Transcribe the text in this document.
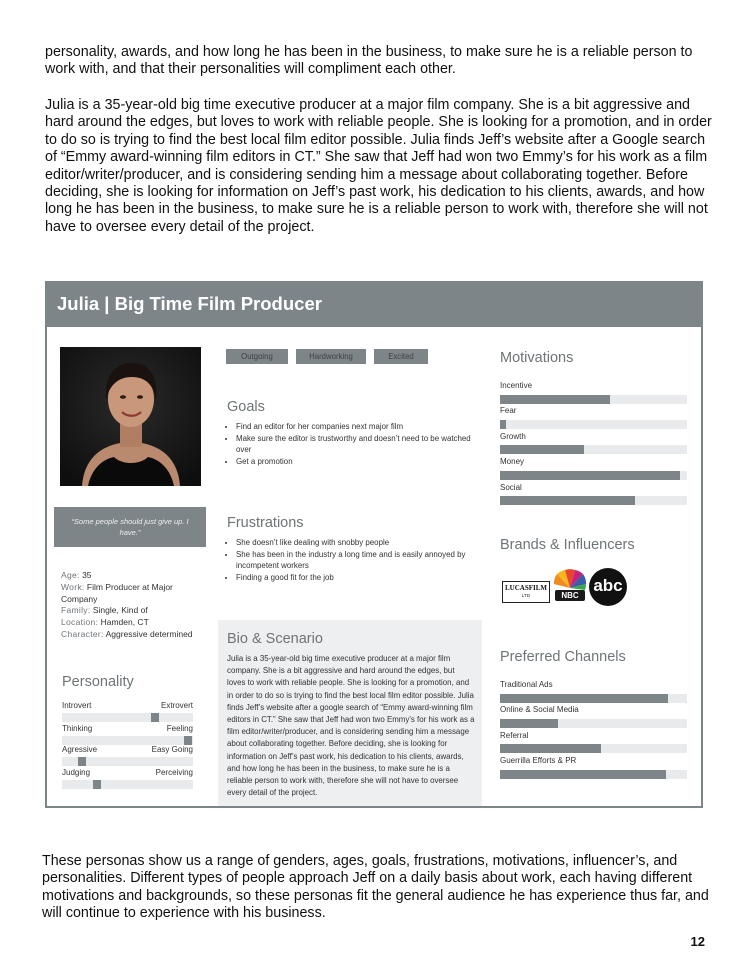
personality, awards, and how long he has been in the business, to make sure he is a reliable person to work with, and that their personalities will compliment each other.

Julia is a 35-year-old big time executive producer at a major film company. She is a bit aggressive and hard around the edges, but loves to work with reliable people. She is looking for a promotion, and in order to do so is trying to find the best local film editor possible. Julia finds Jeff’s website after a Google search of “Emmy award-winning film editors in CT.” She saw that Jeff had won two Emmy’s for his work as a film editor/writer/producer, and is considering sending him a message about collaborating together. Before deciding, she is looking for information on Jeff’s past work, his dedication to his clients, awards, and how long he has been in the business, to make sure he is a reliable person to work with, therefore she will not have to oversee every detail of the project.

Julia | Big Time Film Producer
“Some people should just give up. I have.”
Age: 35
Work: Film Producer at Major Company
Family: Single, Kind of
Location: Hamden, CT
Character: Aggressive determined
Personality
Introvert	Extrovert
Thinking	Feeling
Agressive	Easy Going
Judging	Perceiving
Outgoing	Hardworking	Excited
Goals
• Find an editor for her companies next major film
• Make sure the editor is trustworthy and doesn’t need to be watched over
• Get a promotion
Frustrations
• She doesn’t like dealing with snobby people
• She has been in the industry a long time and is easily annoyed by incompetent workers
• Finding a good fit for the job
Bio & Scenario

Julia is a 35-year-old big time executive producer at a major film company. She is a bit aggressive and hard around the edges, but loves to work with reliable people. She is looking for a promotion, and in order to do so is trying to find the best local film editor possible. Julia finds Jeff’s website after a google search of “Emmy award-winning film editors in CT.” She saw that Jeff had won two Emmy’s for his work as a film editor/writer/producer, and is considering sending him a message about collaborating together. Before deciding, she is looking for information on Jeff’s past work, his dedication to his clients, awards, and how long he has been in the business, to make sure he is a reliable person to work with, therefore she will not have to oversee every detail of the project.

Motivations
Incentive
Fear
Growth
Money
Social
Brands & Influencers
LUCASFILM
LTD	NBC
abc
Preferred Channels
Traditional Ads
Online & Social Media
Referral
Guerrilla Efforts & PR

These personas show us a range of genders, ages, goals, frustrations, motivations, influencer’s, and personalities. Different types of people approach Jeff on a daily basis about work, each having different motivations and backgrounds, so these personas fit the general audience he has experience thus far, and will continue to experience with his business.

12
